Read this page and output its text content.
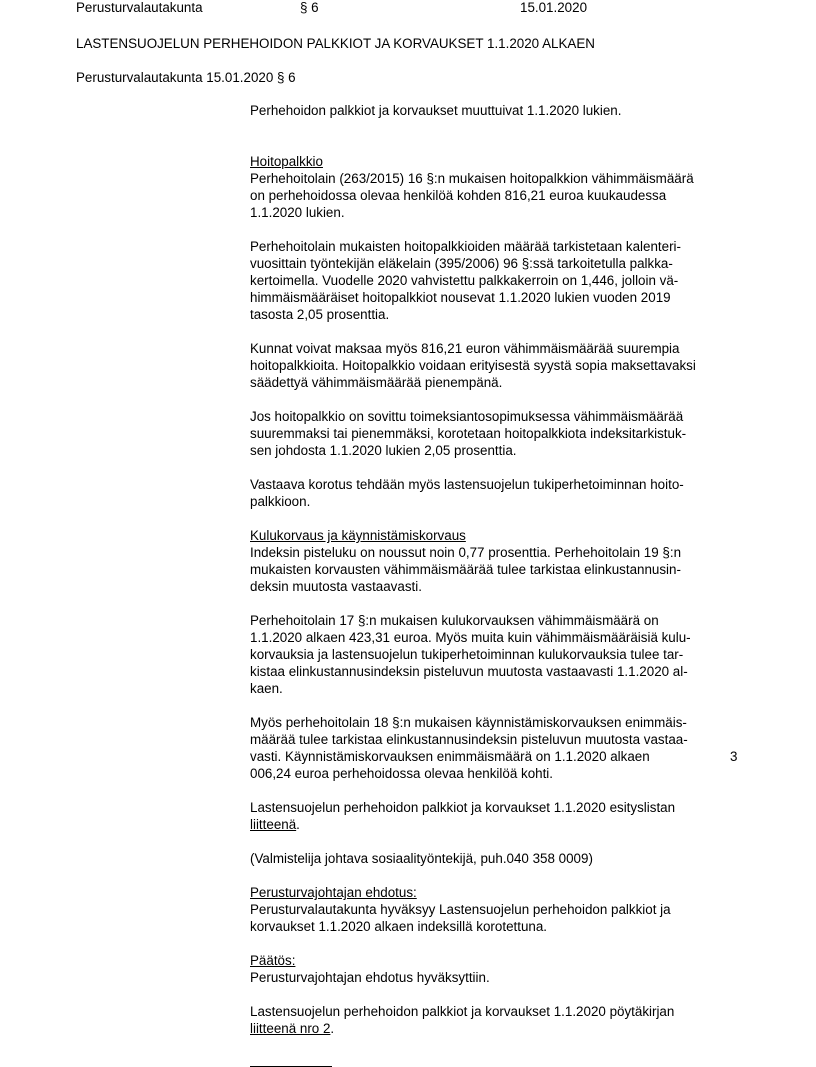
Perusturvalautakunta	§ 6	15.01.2020
LASTENSUOJELUN PERHEHOIDON PALKKIOT JA KORVAUKSET 1.1.2020 ALKAEN
Perusturvalautakunta 15.01.2020 § 6

Perhehoidon palkkiot ja korvaukset muuttuivat 1.1.2020 lukien.

Hoitopalkkio

Perhehoitolain (263/2015) 16 §:n mukaisen hoitopalkkion vähimmäismäärä
on perhehoidossa olevaa henkilöä kohden 816,21 euroa kuukaudessa
1.1.2020 lukien.

Perhehoitolain mukaisten hoitopalkkioiden määrää tarkistetaan kalenteri-
vuosittain työntekijän eläkelain (395/2006) 96 §:ssä tarkoitetulla palkka-
kertoimella. Vuodelle 2020 vahvistettu palkkakerroin on 1,446, jolloin vä-
himmäismääräiset hoitopalkkiot nousevat 1.1.2020 lukien vuoden 2019
tasosta 2,05 prosenttia.

Kunnat voivat maksaa myös 816,21 euron vähimmäismäärää suurempia
hoitopalkkioita. Hoitopalkkio voidaan erityisestä syystä sopia maksettavaksi
säädettyä vähimmäismäärää pienempänä.

Jos hoitopalkkio on sovittu toimeksiantosopimuksessa vähimmäismäärää
suuremmaksi tai pienemmäksi, korotetaan hoitopalkkiota indeksitarkistuk-
sen johdosta 1.1.2020 lukien 2,05 prosenttia.

Vastaava korotus tehdään myös lastensuojelun tukiperhetoiminnan hoito-
palkkioon.

Kulukorvaus ja käynnistämiskorvaus

Indeksin pisteluku on noussut noin 0,77 prosenttia. Perhehoitolain 19 §:n
mukaisten korvausten vähimmäismäärää tulee tarkistaa elinkustannusin-
deksin muutosta vastaavasti.

Perhehoitolain 17 §:n mukaisen kulukorvauksen vähimmäismäärä on
1.1.2020 alkaen 423,31 euroa. Myös muita kuin vähimmäismääräisiä kulu-
korvauksia ja lastensuojelun tukiperhetoiminnan kulukorvauksia tulee tar-
kistaa elinkustannusindeksin pisteluvun muutosta vastaavasti 1.1.2020 al-
kaen.

Myös perhehoitolain 18 §:n mukaisen käynnistämiskorvauksen enimmäis-
määrää tulee tarkistaa elinkustannusindeksin pisteluvun muutosta vastaa-
vasti. Käynnistämiskorvauksen enimmäismäärä on 1.1.2020 alkaen	3
006,24 euroa perhehoidossa olevaa henkilöä kohti.

Lastensuojelun perhehoidon palkkiot ja korvaukset 1.1.2020 esityslistan
liitteenä.

(Valmistelija johtava sosiaalityöntekijä, puh.040 358 0009)

Perusturvajohtajan ehdotus:

Perusturvalautakunta hyväksyy Lastensuojelun perhehoidon palkkiot ja
korvaukset 1.1.2020 alkaen indeksillä korotettuna.

Päätös:

Perusturvajohtajan ehdotus hyväksyttiin.

Lastensuojelun perhehoidon palkkiot ja korvaukset 1.1.2020 pöytäkirjan
liitteenä nro 2.
